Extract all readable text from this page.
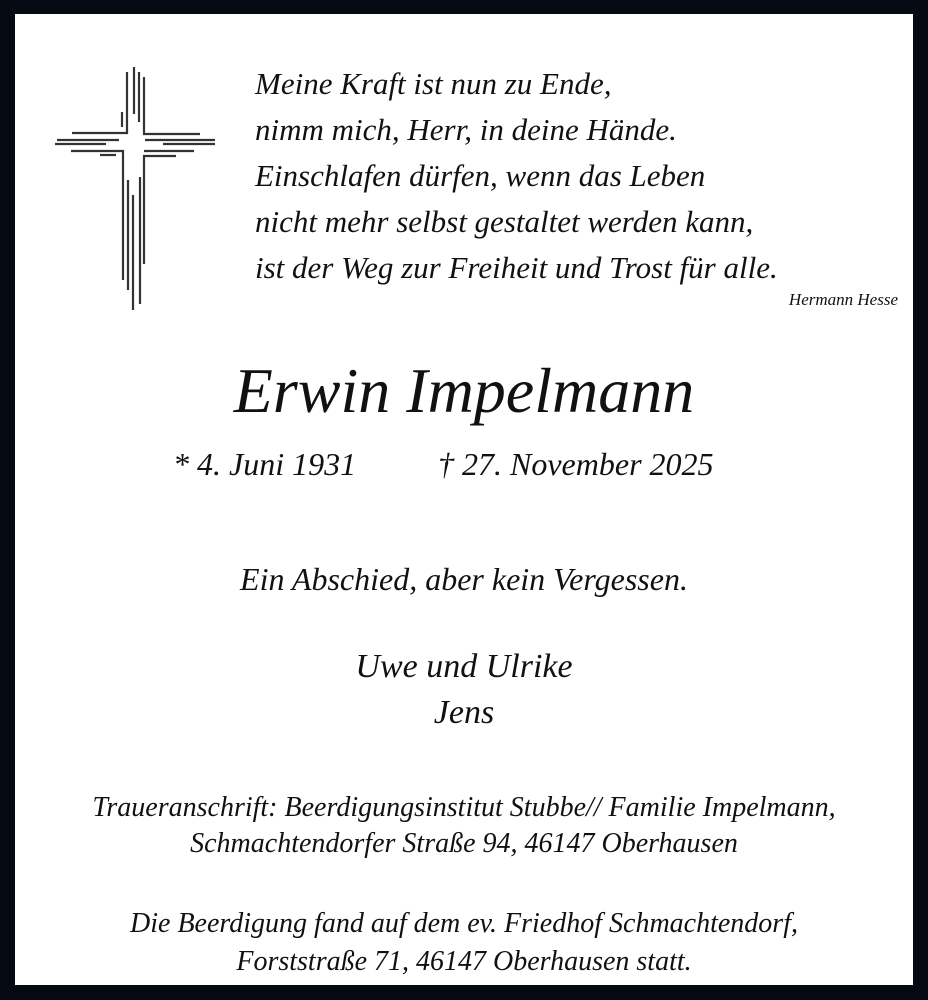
Meine Kraft ist nun zu Ende,
nimm mich, Herr, in deine Hände.
Einschlafen dürfen, wenn das Leben
nicht mehr selbst gestaltet werden kann,
ist der Weg zur Freiheit und Trost für alle.
Hermann Hesse
Erwin Impelmann
* 4. Juni 1931	† 27. November 2025
Ein Abschied, aber kein Vergessen.
Uwe und Ulrike
Jens
Traueranschrift: Beerdigungsinstitut Stubbe// Familie Impelmann,
Schmachtendorfer Straße 94, 46147 Oberhausen
Die Beerdigung fand auf dem ev. Friedhof Schmachtendorf,
Forststraße 71, 46147 Oberhausen statt.
